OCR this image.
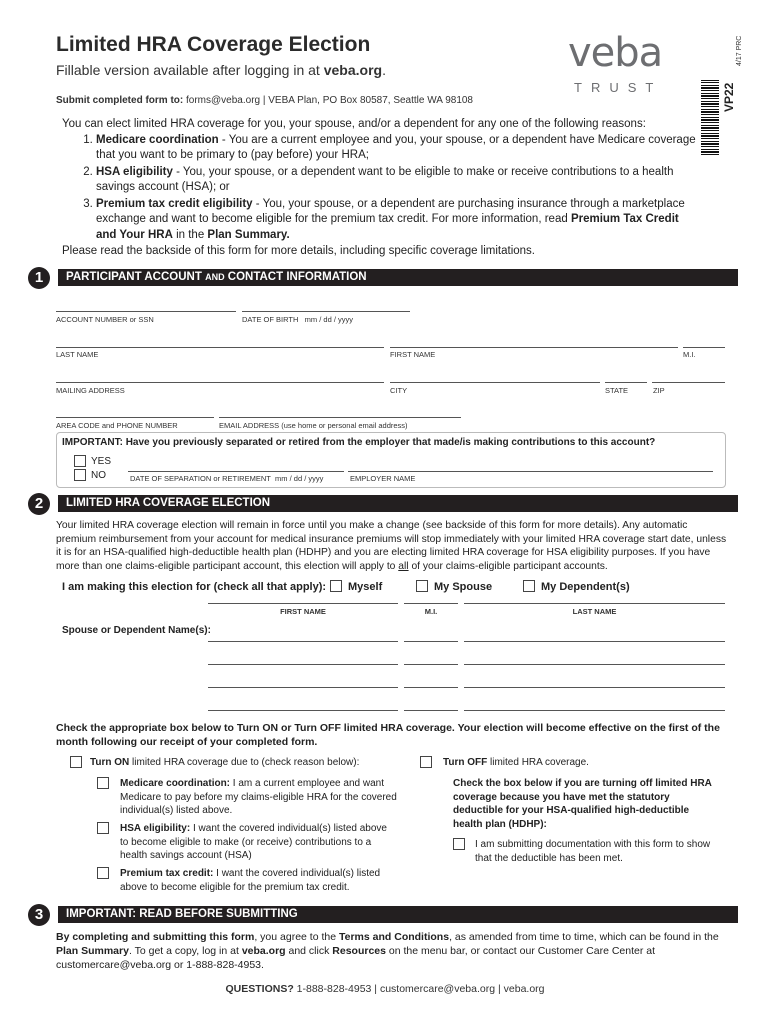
Limited HRA Coverage Election
Fillable version available after logging in at veba.org.
Submit completed form to: forms@veba.org | VEBA Plan, PO Box 80587, Seattle WA 98108
veba
TRUST	VP22
4/17 PRC
You can elect limited HRA coverage for you, your spouse, and/or a dependent for any one of the following reasons:
1. Medicare coordination - You are a current employee and you, your spouse, or a dependent have Medicare coverage that you want to be primary to (pay before) your HRA;
2. HSA eligibility - You, your spouse, or a dependent want to be eligible to make or receive contributions to a health savings account (HSA); or
3. Premium tax credit eligibility - You, your spouse, or a dependent are purchasing insurance through a marketplace exchange and want to become eligible for the premium tax credit. For more information, read Premium Tax Credit and Your HRA in the Plan Summary.
Please read the backside of this form for more details, including specific coverage limitations.
1	PARTICIPANT ACCOUNT AND CONTACT INFORMATION
ACCOUNT NUMBER or SSN	DATE OF BIRTH mm / dd / yyyy
LAST NAME	FIRST NAME	M.I.
MAILING ADDRESS	CITY	STATE	ZIP
AREA CODE and PHONE NUMBER	EMAIL ADDRESS (use home or personal email address)
IMPORTANT: Have you previously separated or retired from the employer that made/is making contributions to this account?
YES
NO	DATE OF SEPARATION or RETIREMENT mm / dd / yyyy	EMPLOYER NAME
2	LIMITED HRA COVERAGE ELECTION
Your limited HRA coverage election will remain in force until you make a change (see backside of this form for more details). Any automatic premium reimbursement from your account for medical insurance premiums will stop immediately with your limited HRA coverage start date, unless it is for an HSA-qualified high-deductible health plan (HDHP) and you are electing limited HRA coverage for HSA eligibility purposes. If you have more than one claims-eligible participant account, this election will apply to all of your claims-eligible participant accounts.
I am making this election for (check all that apply): Myself	My Spouse	My Dependent(s)
FIRST NAME	M.I.	LAST NAME
Spouse or Dependent Name(s):
Check the appropriate box below to Turn ON or Turn OFF limited HRA coverage. Your election will become effective on the first of the month following our receipt of your completed form.
Turn ON limited HRA coverage due to (check reason below):
Medicare coordination: I am a current employee and want Medicare to pay before my claims-eligible HRA for the covered individual(s) listed above.
HSA eligibility: I want the covered individual(s) listed above to become eligible to make (or receive) contributions to a health savings account (HSA)
Premium tax credit: I want the covered individual(s) listed above to become eligible for the premium tax credit.
Turn OFF limited HRA coverage.
Check the box below if you are turning off limited HRA coverage because you have met the statutory deductible for your HSA-qualified high-deductible health plan (HDHP):
I am submitting documentation with this form to show that the deductible has been met.
3	IMPORTANT: READ BEFORE SUBMITTING
By completing and submitting this form, you agree to the Terms and Conditions, as amended from time to time, which can be found in the Plan Summary. To get a copy, log in at veba.org and click Resources on the menu bar, or contact our Customer Care Center at customercare@veba.org or 1-888-828-4953.
QUESTIONS? 1-888-828-4953 | customercare@veba.org | veba.org
